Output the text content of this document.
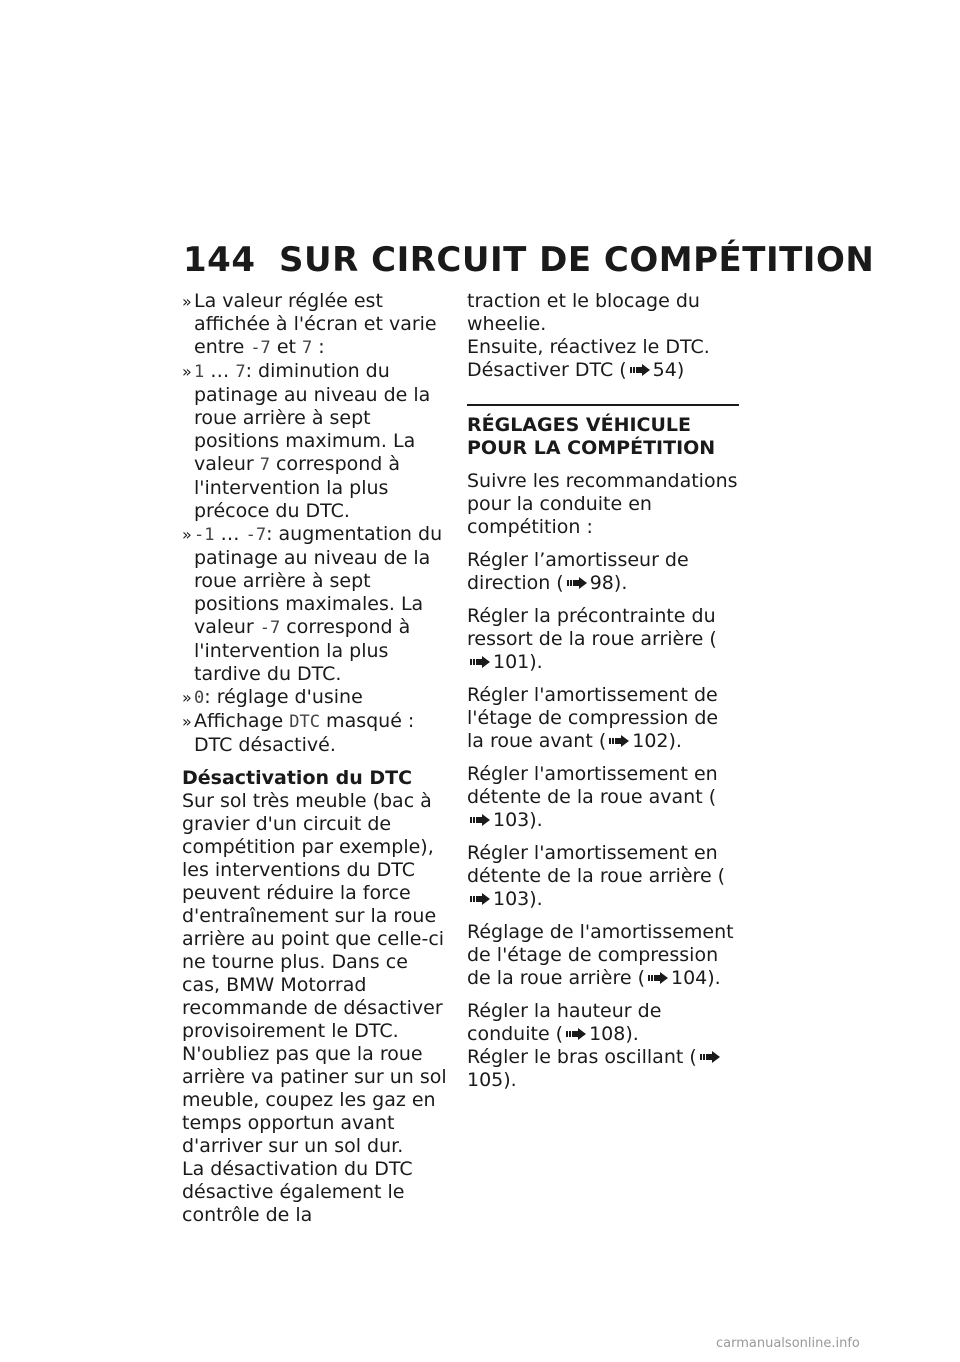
144 SUR CIRCUIT DE COMPÉTITION

» La valeur réglée est affichée à l'écran et varie entre -7 et 7 :

» 1 … 7: diminution du patinage au niveau de la roue arrière à sept positions maximum. La valeur 7 correspond à l'intervention la plus précoce du DTC.

» -1 … -7: augmentation du patinage au niveau de la roue arrière à sept positions maximales. La valeur -7 correspond à l'intervention la plus tardive du DTC.

» 0: réglage d'usine

» Affichage DTC masqué : DTC désactivé.

Désactivation du DTC

Sur sol très meuble (bac à gravier d'un circuit de compétition par exemple), les interventions du DTC peuvent réduire la force d'entraînement sur la roue arrière au point que celle-ci ne tourne plus. Dans ce cas, BMW Motorrad recommande de désactiver provisoirement le DTC.

N'oubliez pas que la roue arrière va patiner sur un sol meuble, coupez les gaz en temps opportun avant d'arriver sur un sol dur.

La désactivation du DTC désactive également le contrôle de la

traction et le blocage du wheelie.

Ensuite, réactivez le DTC.

Désactiver DTC ( 54)

RÉGLAGES VÉHICULE POUR LA COMPÉTITION

Suivre les recommandations pour la conduite en compétition :

Régler l’amortisseur de direction ( 98).

Régler la précontrainte du ressort de la roue arrière (
101).

Régler l'amortissement de l'étage de compression de la roue avant ( 102).

Régler l'amortissement en détente de la roue avant (
103).

Régler l'amortissement en détente de la roue arrière (
103).

Réglage de l'amortissement de l'étage de compression de la roue arrière ( 104).

Régler la hauteur de conduite ( 108).

Régler le bras oscillant (
105).

carmanualsonline.info
